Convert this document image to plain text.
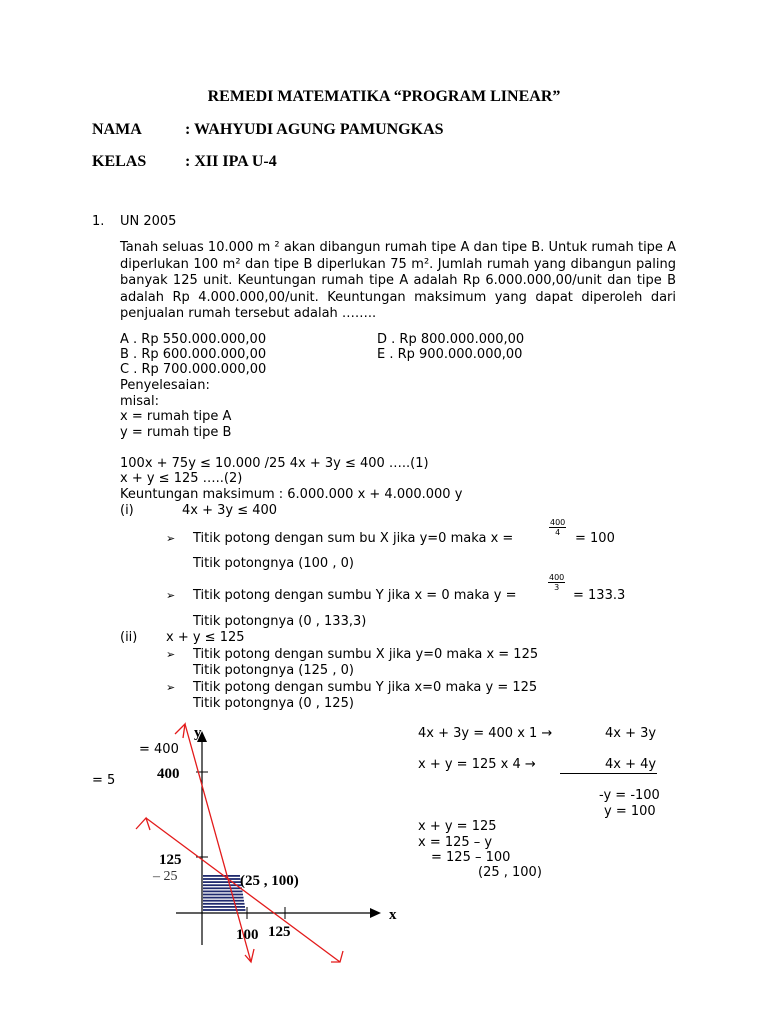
REMEDI MATEMATIKA “PROGRAM LINEAR”
NAMA	: WAHYUDI AGUNG PAMUNGKAS
KELAS : XII IPA U-4
1. UN 2005
Tanah seluas 10.000 m ² akan dibangun rumah tipe A dan tipe B. Untuk rumah tipe A diperlukan 100 m² dan tipe B diperlukan 75 m². Jumlah rumah yang dibangun paling banyak 125 unit. Keuntungan rumah tipe A adalah Rp 6.000.000,00/unit dan tipe B adalah Rp 4.000.000,00/unit. Keuntungan maksimum yang dapat diperoleh dari penjualan rumah tersebut adalah ……..
A . Rp 550.000.000,00
B . Rp 600.000.000,00
C . Rp 700.000.000,00
D . Rp 800.000.000,00
E . Rp 900.000.000,00
Penyelesaian:
misal:
x = rumah tipe A
y = rumah tipe B
100x + 75y ≤ 10.000 /25 4x + 3y ≤ 400 …..(1)
x + y ≤ 125 …..(2)
Keuntungan maksimum : 6.000.000 x + 4.000.000 y
(i)	4x + 3y ≤ 400
➢ Titik potong dengan sum bu X jika y=0 maka x =
$\frac{400}{4}$
= 100
Titik potongnya (100 , 0)
➢ Titik potong dengan sumbu Y jika x = 0 maka y =
$\frac{400}{3}$
= 133.3
Titik potongnya (0 , 133,3)
(ii) x + y ≤ 125
➢ Titik potong dengan sumbu X jika y=0 maka x = 125
Titik potongnya (125 , 0)
➢ Titik potong dengan sumbu Y jika x=0 maka y = 125
Titik potongnya (0 , 125)
= 400
= 5
4x + 3y = 400 x 1 →	4x + 3y
x + y = 125 x 4 →	4x + 4y
-y = -100
y = 100
x + y = 125
x = 125 – y
= 125 – 100
(25 , 100)
y
x
400
125
– 25
100 125
(25 , 100)
